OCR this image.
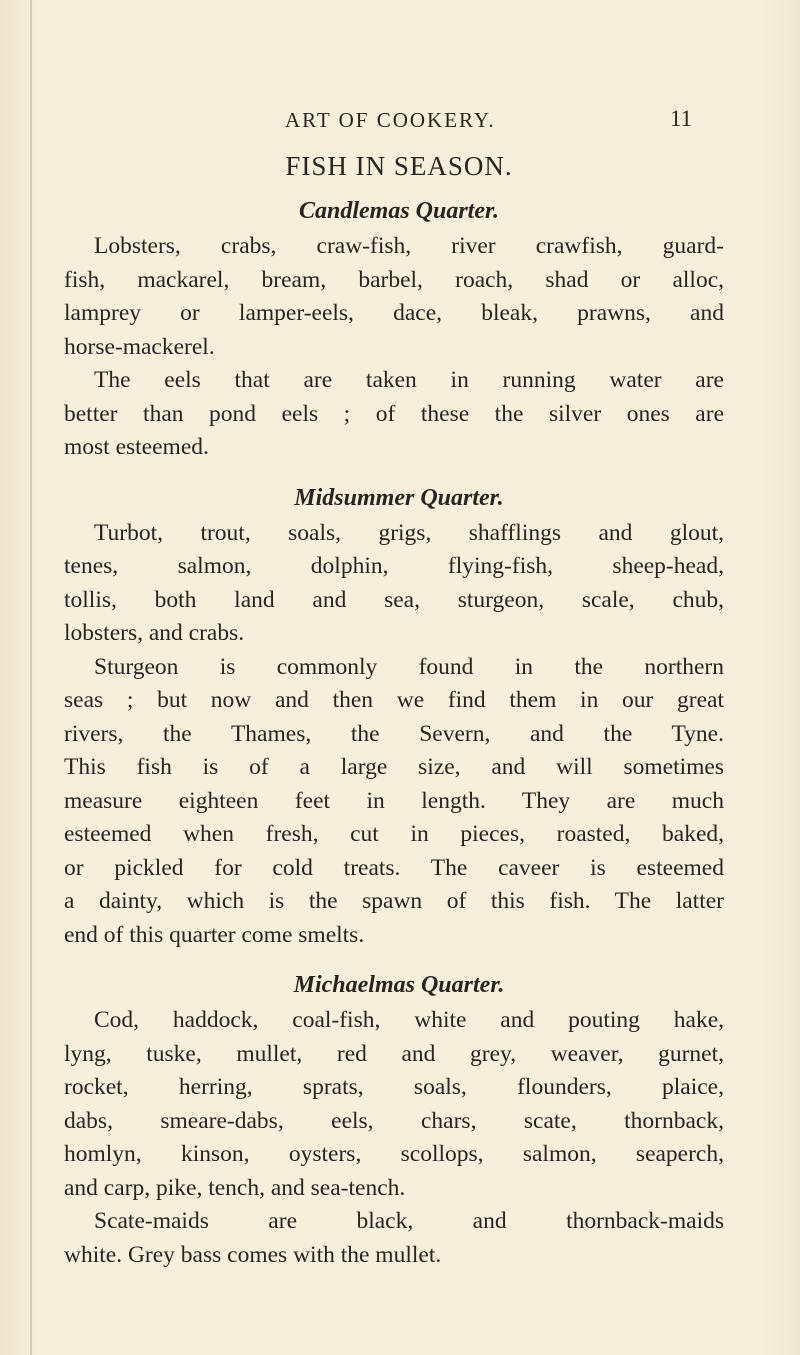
ART OF COOKERY.	11
FISH IN SEASON.
Candlemas Quarter.

Lobsters, crabs, craw-fish, river crawfish, guard-
fish, mackarel, bream, barbel, roach, shad or alloc,
lamprey or lamper-eels, dace, bleak, prawns, and
horse-mackerel.

The eels that are taken in running water are
better than pond eels ; of these the silver ones are
most esteemed.

Midsummer Quarter.

Turbot, trout, soals, grigs, shafflings and glout,
tenes, salmon, dolphin, flying-fish, sheep-head,
tollis, both land and sea, sturgeon, scale, chub,
lobsters, and crabs.

Sturgeon is commonly found in the northern
seas ; but now and then we find them in our great
rivers, the Thames, the Severn, and the Tyne.
This fish is of a large size, and will sometimes
measure eighteen feet in length. They are much
esteemed when fresh, cut in pieces, roasted, baked,
or pickled for cold treats. The caveer is esteemed
a dainty, which is the spawn of this fish. The latter
end of this quarter come smelts.

Michaelmas Quarter.

Cod, haddock, coal-fish, white and pouting hake,
lyng, tuske, mullet, red and grey, weaver, gurnet,
rocket, herring, sprats, soals, flounders, plaice,
dabs, smeare-dabs, eels, chars, scate, thornback,
homlyn, kinson, oysters, scollops, salmon, seaperch,
and carp, pike, tench, and sea-tench.

Scate-maids are black, and thornback-maids
white. Grey bass comes with the mullet.
